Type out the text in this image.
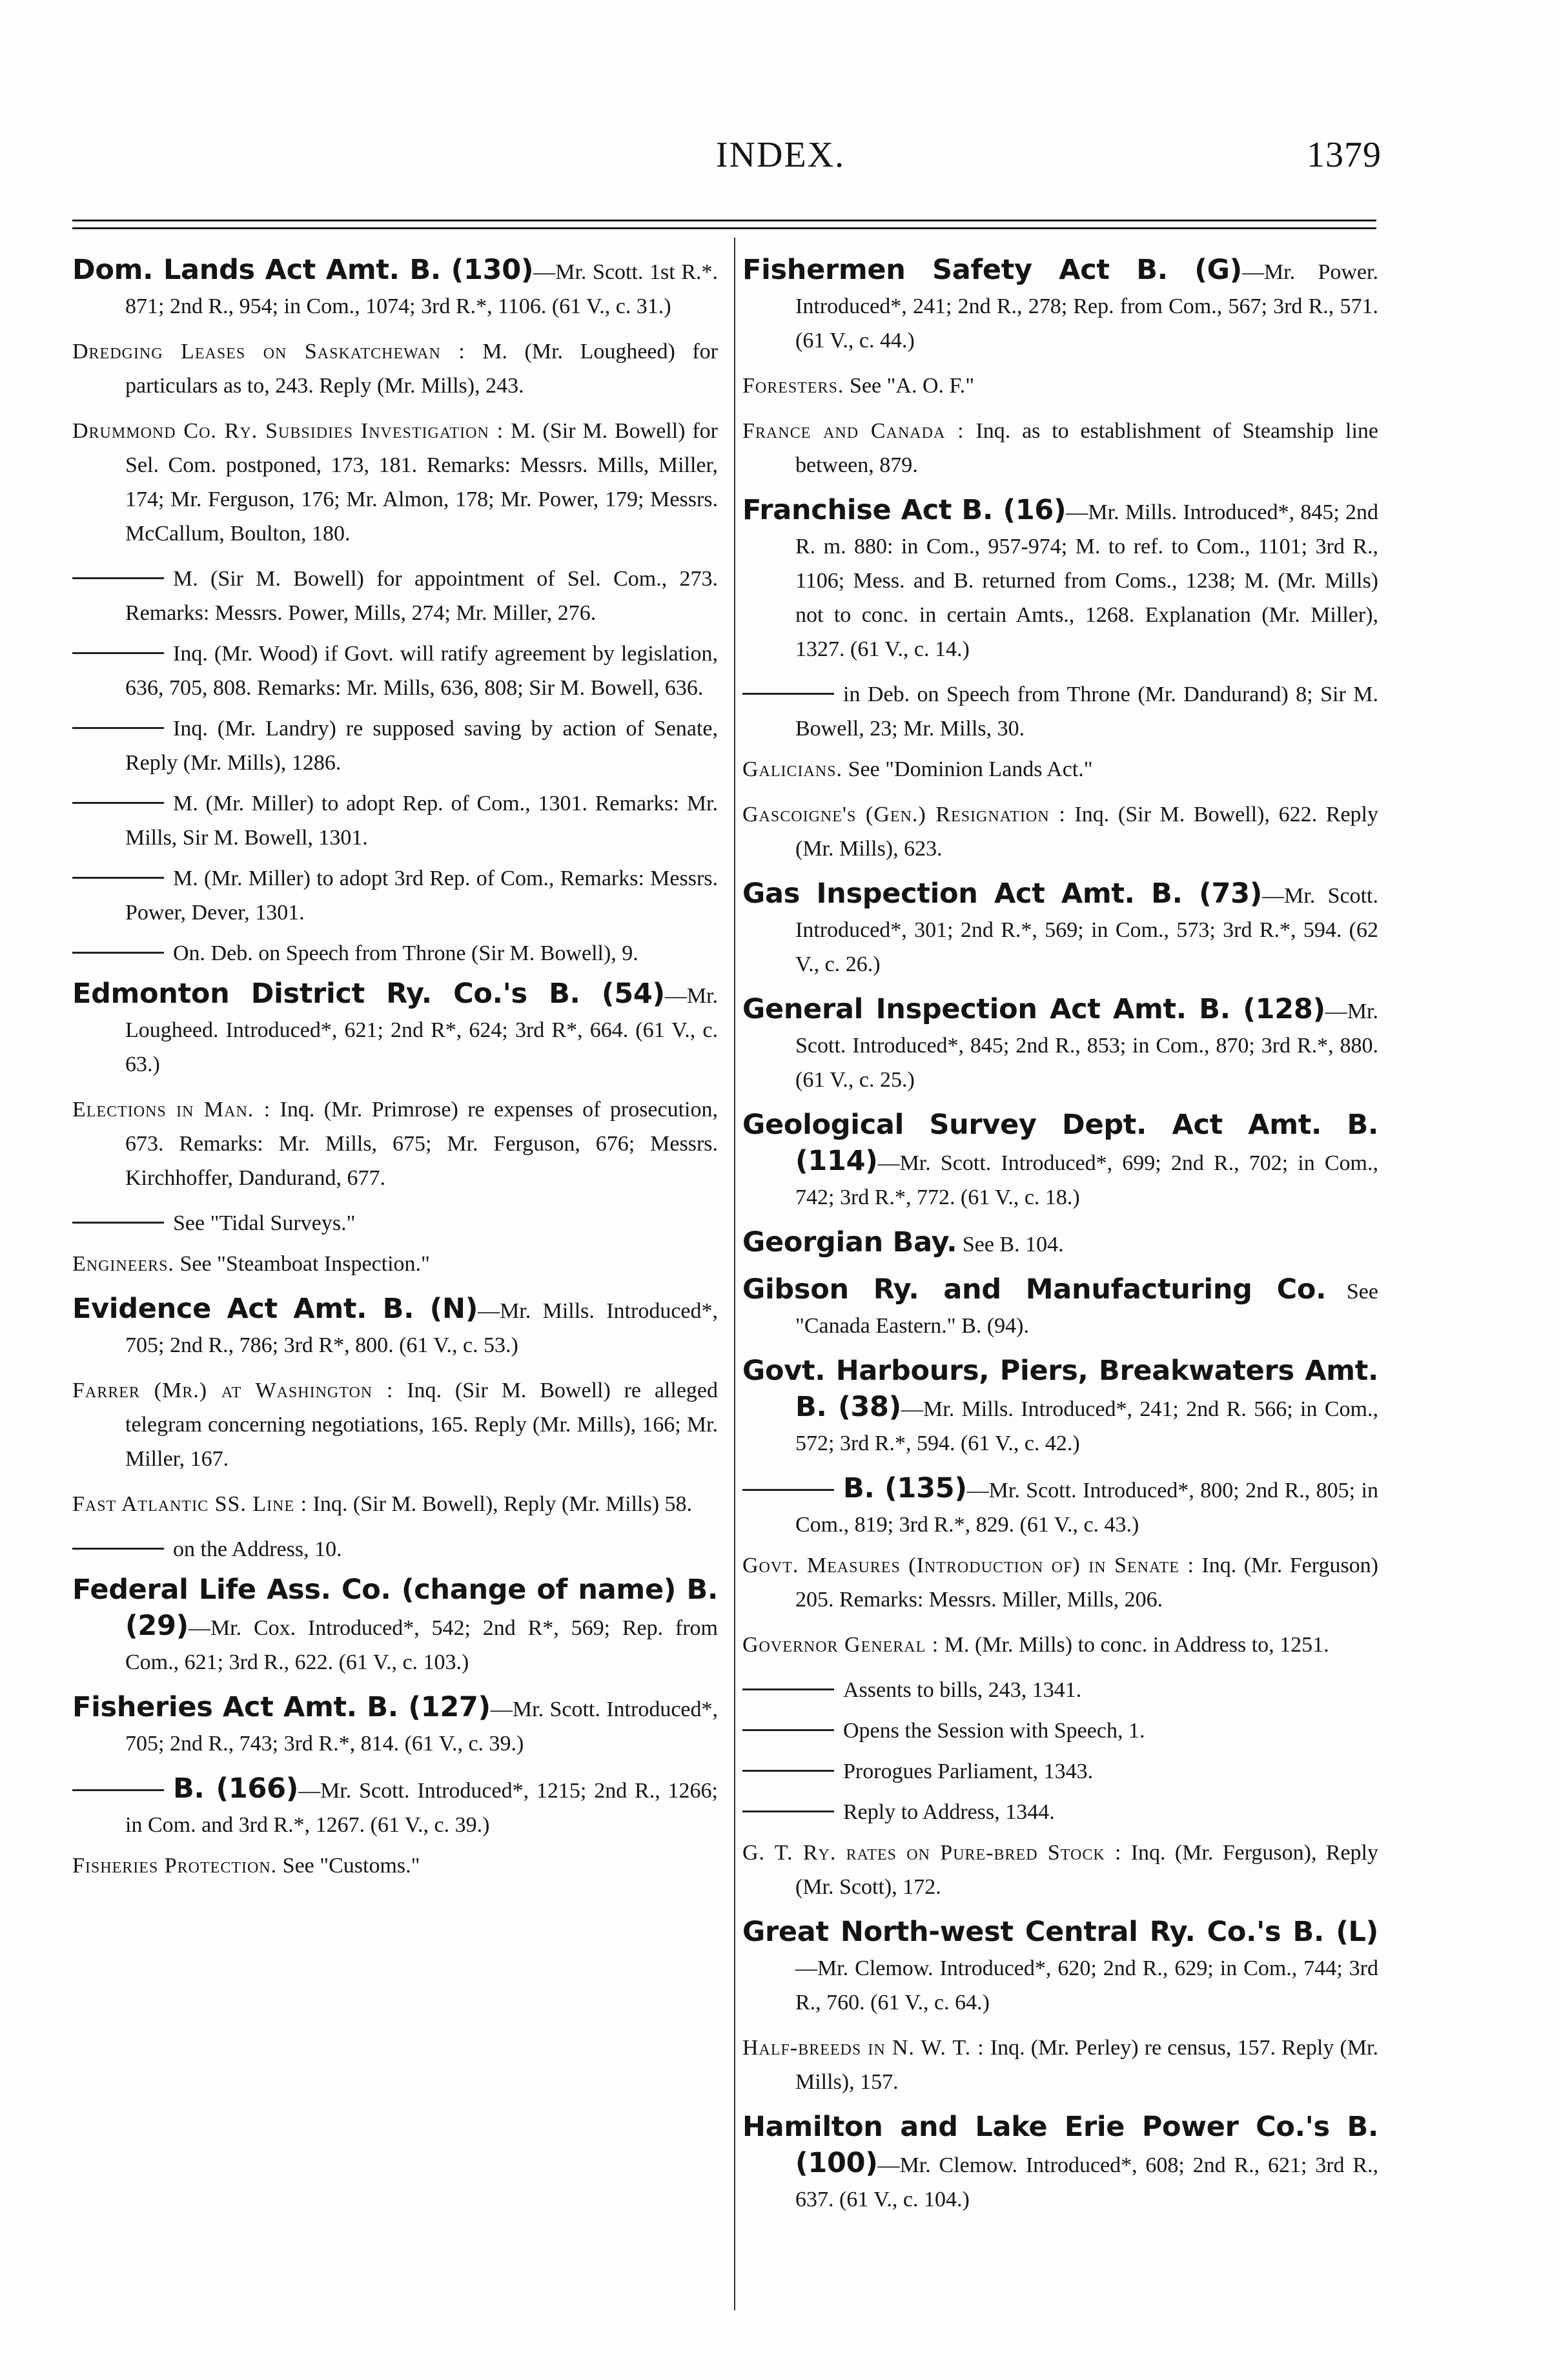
INDEX.	1379

Dom. Lands Act Amt. B. (130)—Mr. Scott. 1st R.*. 871; 2nd R., 954; in Com., 1074; 3rd R.*, 1106. (61 V., c. 31.)

Dredging Leases on Saskatchewan : M. (Mr. Lougheed) for particulars as to, 243. Reply (Mr. Mills), 243.

Drummond Co. Ry. Subsidies Investigation : M. (Sir M. Bowell) for Sel. Com. postponed, 173, 181. Remarks: Messrs. Mills, Miller, 174; Mr. Ferguson, 176; Mr. Almon, 178; Mr. Power, 179; Messrs. McCallum, Boulton, 180.

M. (Sir M. Bowell) for appointment of Sel. Com., 273. Remarks: Messrs. Power, Mills, 274; Mr. Miller, 276.

Inq. (Mr. Wood) if Govt. will ratify agreement by legislation, 636, 705, 808. Remarks: Mr. Mills, 636, 808; Sir M. Bowell, 636.

Inq. (Mr. Landry) re supposed saving by action of Senate, Reply (Mr. Mills), 1286.

M. (Mr. Miller) to adopt Rep. of Com., 1301. Remarks: Mr. Mills, Sir M. Bowell, 1301.

M. (Mr. Miller) to adopt 3rd Rep. of Com., Remarks: Messrs. Power, Dever, 1301.

On. Deb. on Speech from Throne (Sir M. Bowell), 9.

Edmonton District Ry. Co.'s B. (54)—Mr. Lougheed. Introduced*, 621; 2nd R*, 624; 3rd R*, 664. (61 V., c. 63.)

Elections in Man. : Inq. (Mr. Primrose) re expenses of prosecution, 673. Remarks: Mr. Mills, 675; Mr. Ferguson, 676; Messrs. Kirchhoffer, Dandurand, 677.

See "Tidal Surveys."

Engineers. See "Steamboat Inspection."

Evidence Act Amt. B. (N)—Mr. Mills. Introduced*, 705; 2nd R., 786; 3rd R*, 800. (61 V., c. 53.)

Farrer (Mr.) at Washington : Inq. (Sir M. Bowell) re alleged telegram concerning negotiations, 165. Reply (Mr. Mills), 166; Mr. Miller, 167.

Fast Atlantic SS. Line : Inq. (Sir M. Bowell), Reply (Mr. Mills) 58.

on the Address, 10.

Federal Life Ass. Co. (change of name) B. (29)—Mr. Cox. Introduced*, 542; 2nd R*, 569; Rep. from Com., 621; 3rd R., 622. (61 V., c. 103.)

Fisheries Act Amt. B. (127)—Mr. Scott. Introduced*, 705; 2nd R., 743; 3rd R.*, 814. (61 V., c. 39.)

B. (166)—Mr. Scott. Introduced*, 1215; 2nd R., 1266; in Com. and 3rd R.*, 1267. (61 V., c. 39.)

Fisheries Protection. See "Customs."

Fishermen Safety Act B. (G)—Mr. Power. Introduced*, 241; 2nd R., 278; Rep. from Com., 567; 3rd R., 571. (61 V., c. 44.)

Foresters. See "A. O. F."

France and Canada : Inq. as to establishment of Steamship line between, 879.

Franchise Act B. (16)—Mr. Mills. Introduced*, 845; 2nd R. m. 880: in Com., 957-974; M. to ref. to Com., 1101; 3rd R., 1106; Mess. and B. returned from Coms., 1238; M. (Mr. Mills) not to conc. in certain Amts., 1268. Explanation (Mr. Miller), 1327. (61 V., c. 14.)

in Deb. on Speech from Throne (Mr. Dandurand) 8; Sir M. Bowell, 23; Mr. Mills, 30.

Galicians. See "Dominion Lands Act."

Gascoigne's (Gen.) Resignation : Inq. (Sir M. Bowell), 622. Reply (Mr. Mills), 623.

Gas Inspection Act Amt. B. (73)—Mr. Scott. Introduced*, 301; 2nd R.*, 569; in Com., 573; 3rd R.*, 594. (62 V., c. 26.)

General Inspection Act Amt. B. (128)—Mr. Scott. Introduced*, 845; 2nd R., 853; in Com., 870; 3rd R.*, 880. (61 V., c. 25.)

Geological Survey Dept. Act Amt. B. (114)—Mr. Scott. Introduced*, 699; 2nd R., 702; in Com., 742; 3rd R.*, 772. (61 V., c. 18.)

Georgian Bay. See B. 104.

Gibson Ry. and Manufacturing Co. See "Canada Eastern." B. (94).

Govt. Harbours, Piers, Breakwaters Amt. B. (38)—Mr. Mills. Introduced*, 241; 2nd R. 566; in Com., 572; 3rd R.*, 594. (61 V., c. 42.)

B. (135)—Mr. Scott. Introduced*, 800; 2nd R., 805; in Com., 819; 3rd R.*, 829. (61 V., c. 43.)

Govt. Measures (Introduction of) in Senate : Inq. (Mr. Ferguson) 205. Remarks: Messrs. Miller, Mills, 206.

Governor General : M. (Mr. Mills) to conc. in Address to, 1251.

Assents to bills, 243, 1341.

Opens the Session with Speech, 1.

Prorogues Parliament, 1343.

Reply to Address, 1344.

G. T. Ry. rates on Pure-bred Stock : Inq. (Mr. Ferguson), Reply (Mr. Scott), 172.

Great North-west Central Ry. Co.'s B. (L)—Mr. Clemow. Introduced*, 620; 2nd R., 629; in Com., 744; 3rd R., 760. (61 V., c. 64.)

Half-breeds in N. W. T. : Inq. (Mr. Perley) re census, 157. Reply (Mr. Mills), 157.

Hamilton and Lake Erie Power Co.'s B. (100)—Mr. Clemow. Introduced*, 608; 2nd R., 621; 3rd R., 637. (61 V., c. 104.)
